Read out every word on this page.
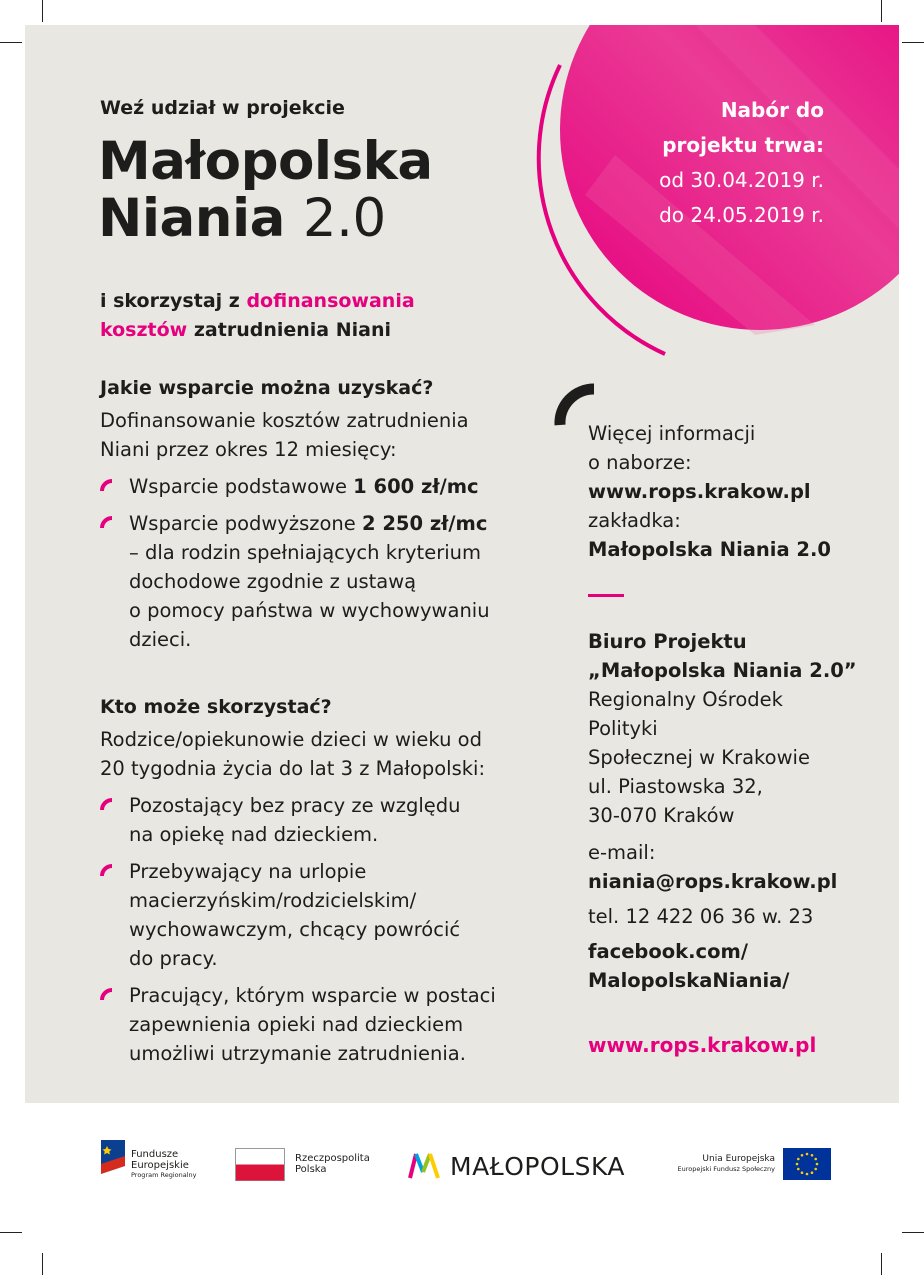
Weź udział w projekcie
Małopolska
Niania 2.0
i skorzystaj z dofinansowania
kosztów zatrudnienia Niani
Nabór do
projektu trwa:
od 30.04.2019 r.
do 24.05.2019 r.
Jakie wsparcie można uzyskać?
Dofinansowanie kosztów zatrudnienia
Niani przez okres 12 miesięcy:
Wsparcie podstawowe 1 600 zł/mc
Wsparcie podwyższone 2 250 zł/mc
– dla rodzin spełniających kryterium
dochodowe zgodnie z ustawą
o pomocy państwa w wychowywaniu
dzieci.
Kto może skorzystać?
Rodzice/opiekunowie dzieci w wieku od
20 tygodnia życia do lat 3 z Małopolski:
Pozostający bez pracy ze względu
na opiekę nad dzieckiem.
Przebywający na urlopie
macierzyńskim/rodzicielskim/
wychowawczym, chcący powrócić
do pracy.
Pracujący, którym wsparcie w postaci
zapewnienia opieki nad dzieckiem
umożliwi utrzymanie zatrudnienia.
Więcej informacji
o naborze:
www.rops.krakow.pl
zakładka:
Małopolska Niania 2.0
Biuro Projektu
„Małopolska Niania 2.0”
Regionalny Ośrodek
Polityki
Społecznej w Krakowie
ul. Piastowska 32,
30-070 Kraków
e-mail:
niania@rops.krakow.pl
tel. 12 422 06 36 w. 23
facebook.com/
MalopolskaNiania/
www.rops.krakow.pl
Fundusze
Europejskie
Program Regionalny
Rzeczpospolita
Polska	MAŁOPOLSKA	Unia Europejska
Europejski Fundusz Społeczny
